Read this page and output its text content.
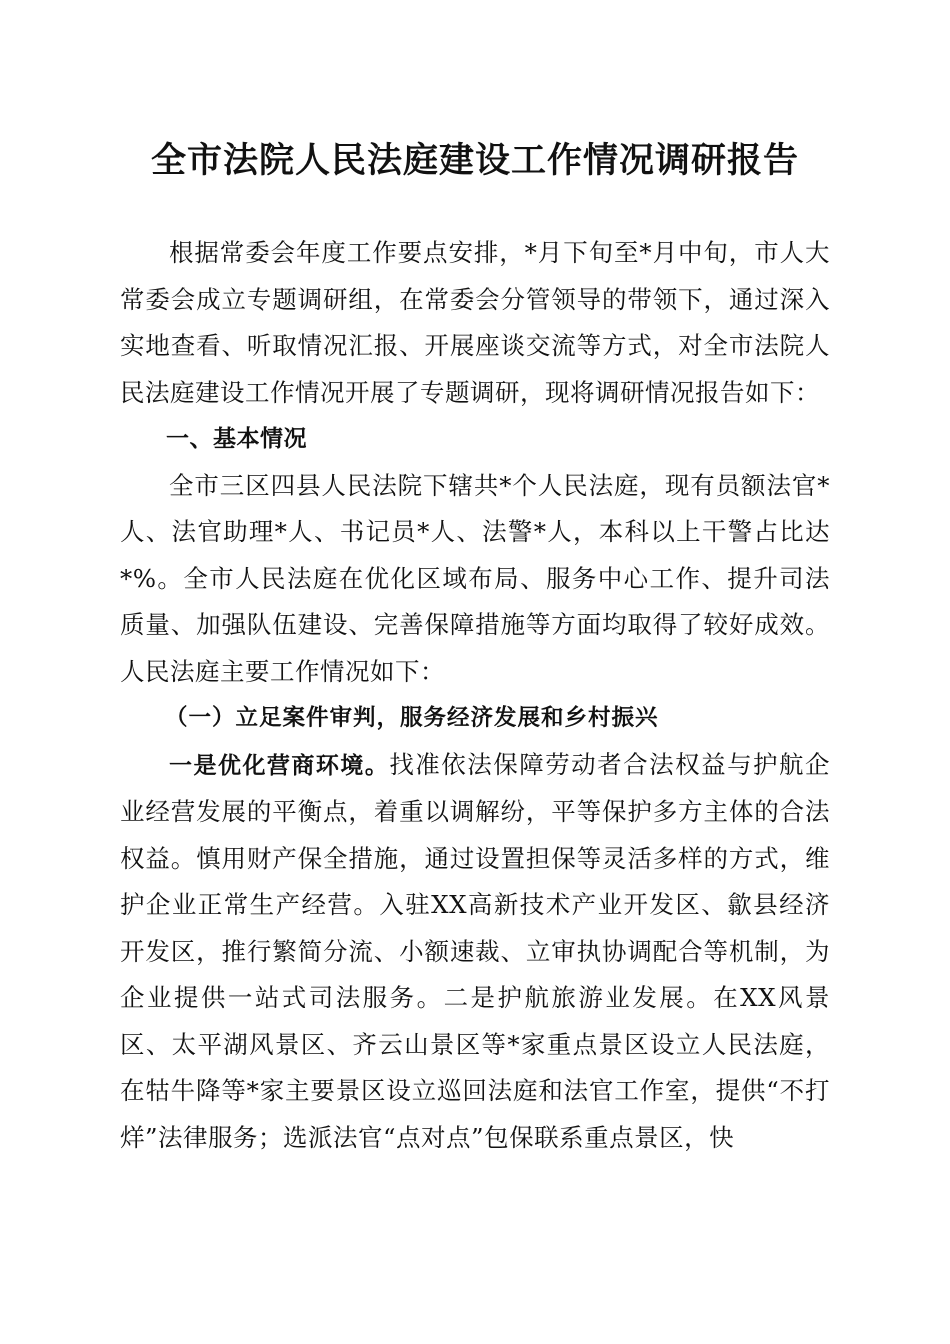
全市法院人民法庭建设工作情况调研报告

根据常委会年度工作要点安排，*月下旬至*月中旬，市人大常委会成立专题调研组，在常委会分管领导的带领下，通过深入实地查看、听取情况汇报、开展座谈交流等方式，对全市法院人民法庭建设工作情况开展了专题调研，现将调研情况报告如下：

一、基本情况

全市三区四县人民法院下辖共*个人民法庭，现有员额法官*人、法官助理*人、书记员*人、法警*人，本科以上干警占比达*%。全市人民法庭在优化区域布局、服务中心工作、提升司法质量、加强队伍建设、完善保障措施等方面均取得了较好成效。人民法庭主要工作情况如下：

（一）立足案件审判，服务经济发展和乡村振兴

一是优化营商环境。找准依法保障劳动者合法权益与护航企业经营发展的平衡点，着重以调解纷，平等保护多方主体的合法权益。慎用财产保全措施，通过设置担保等灵活多样的方式，维护企业正常生产经营。入驻XX高新技术产业开发区、歙县经济开发区，推行繁简分流、小额速裁、立审执协调配合等机制，为企业提供一站式司法服务。二是护航旅游业发展。在XX风景区、太平湖风景区、齐云山景区等*家重点景区设立人民法庭，在牯牛降等*家主要景区设立巡回法庭和法官工作室，提供“不打烊”法律服务；选派法官“点对点”包保联系重点景区，快
